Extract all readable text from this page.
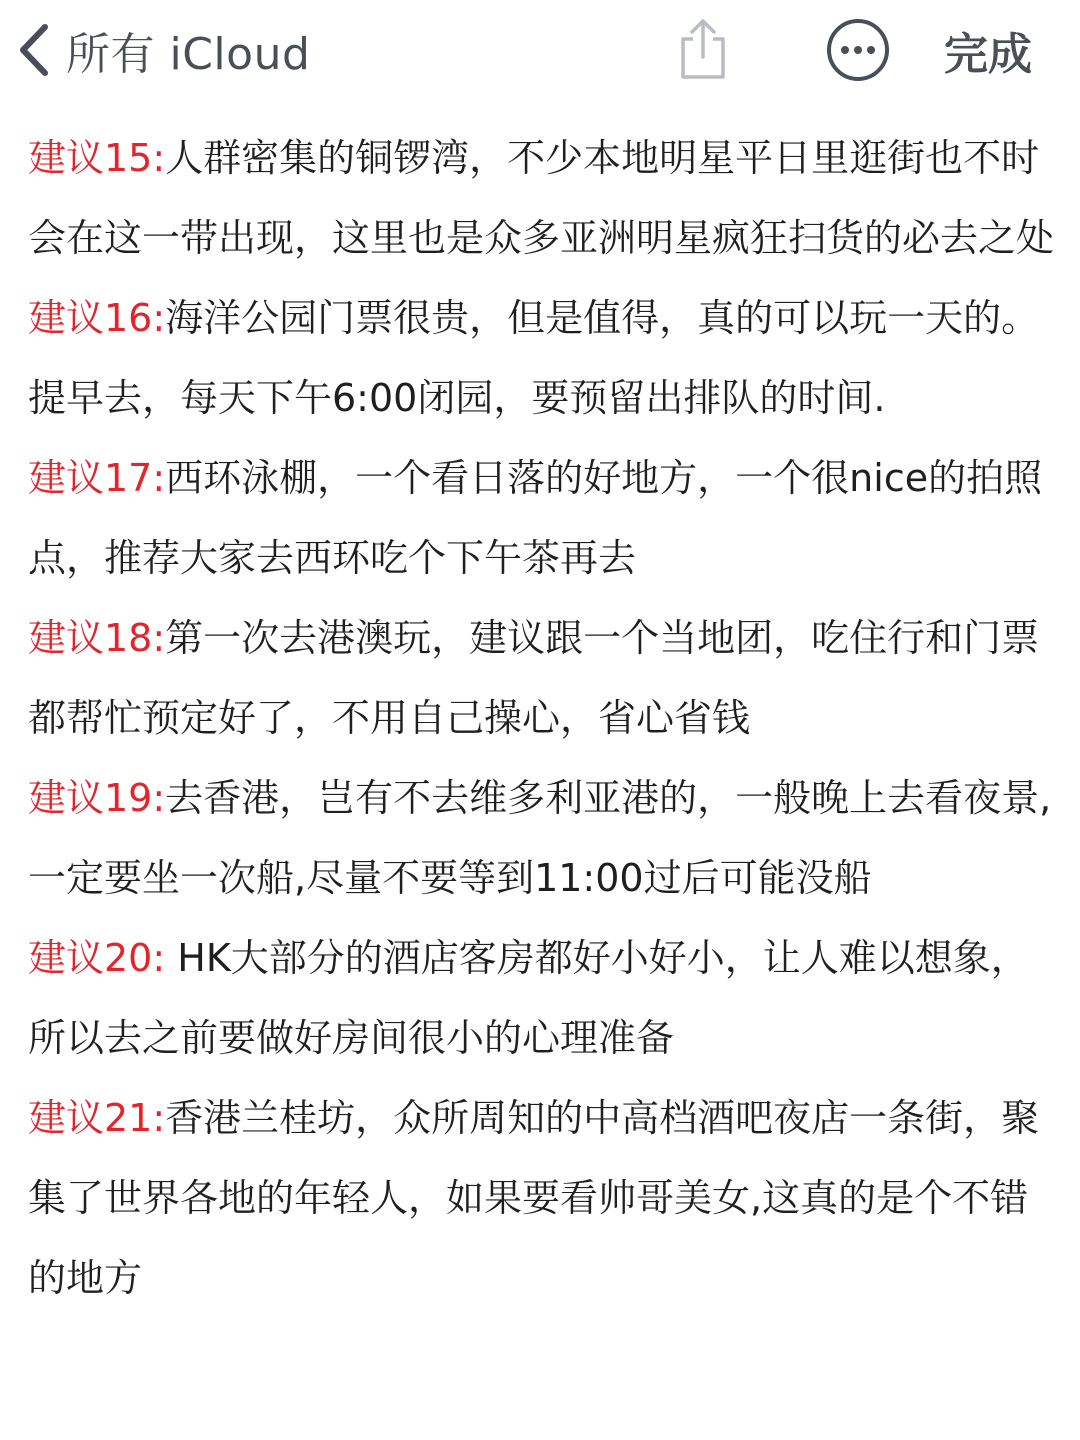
所有 iCloud	完成

建议15:人群密集的铜锣湾，不少本地明星平日里逛街也不时会在这一带出现，这里也是众多亚洲明星疯狂扫货的必去之处

建议16:海洋公园门票很贵，但是值得，真的可以玩一天的。提早去，每天下午6:00闭园，要预留出排队的时间.

建议17:西环泳棚，一个看日落的好地方，一个很nice的拍照点，推荐大家去西环吃个下午茶再去

建议18:第一次去港澳玩，建议跟一个当地团，吃住行和门票都帮忙预定好了，不用自己操心，省心省钱

建议19:去香港，岂有不去维多利亚港的，一般晚上去看夜景,一定要坐一次船,尽量不要等到11:00过后可能没船

建议20: HK大部分的酒店客房都好小好小，让人难以想象，所以去之前要做好房间很小的心理准备

建议21:香港兰桂坊，众所周知的中高档酒吧夜店一条街，聚集了世界各地的年轻人，如果要看帅哥美女,这真的是个不错的地方
